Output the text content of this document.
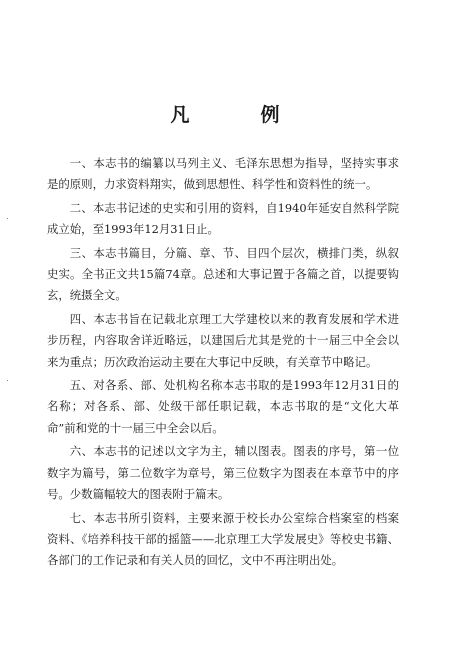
凡　例

一、本志书的编纂以马列主义、毛泽东思想为指导，坚持实事求是的原则，力求资料翔实，做到思想性、科学性和资料性的统一。

二、本志书记述的史实和引用的资料，自1940年延安自然科学院成立始，至1993年12月31日止。

三、本志书篇目，分篇、章、节、目四个层次，横排门类，纵叙史实。全书正文共15篇74章。总述和大事记置于各篇之首，以提要钩玄，统摄全文。

四、本志书旨在记载北京理工大学建校以来的教育发展和学术进步历程，内容取舍详近略远，以建国后尤其是党的十一届三中全会以来为重点；历次政治运动主要在大事记中反映，有关章节中略记。

五、对各系、部、处机构名称本志书取的是1993年12月31日的名称；对各系、部、处级干部任职记载，本志书取的是“文化大革命”前和党的十一届三中全会以后。

六、本志书的记述以文字为主，辅以图表。图表的序号，第一位数字为篇号，第二位数字为章号，第三位数字为图表在本章节中的序号。少数篇幅较大的图表附于篇末。

七、本志书所引资料，主要来源于校长办公室综合档案室的档案资料、《培养科技干部的摇篮——北京理工大学发展史》等校史书籍、各部门的工作记录和有关人员的回忆，文中不再注明出处。
